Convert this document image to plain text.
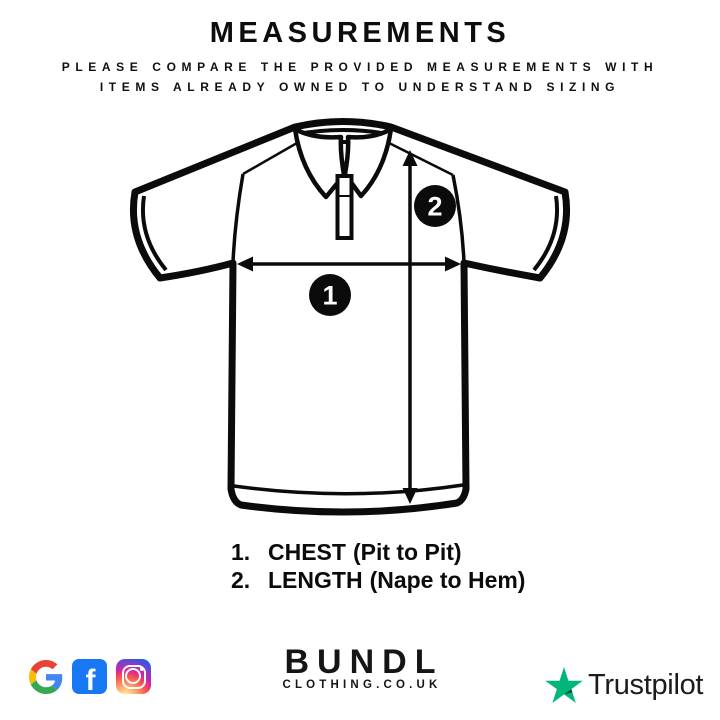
MEASUREMENTS
PLEASE COMPARE THE PROVIDED MEASUREMENTS WITH
ITEMS ALREADY OWNED TO UNDERSTAND SIZING
1
2
1. CHEST (Pit to Pit)
2. LENGTH (Nape to Hem)
f	BUNDL
CLOTHING.CO.UK	Trustpilot
